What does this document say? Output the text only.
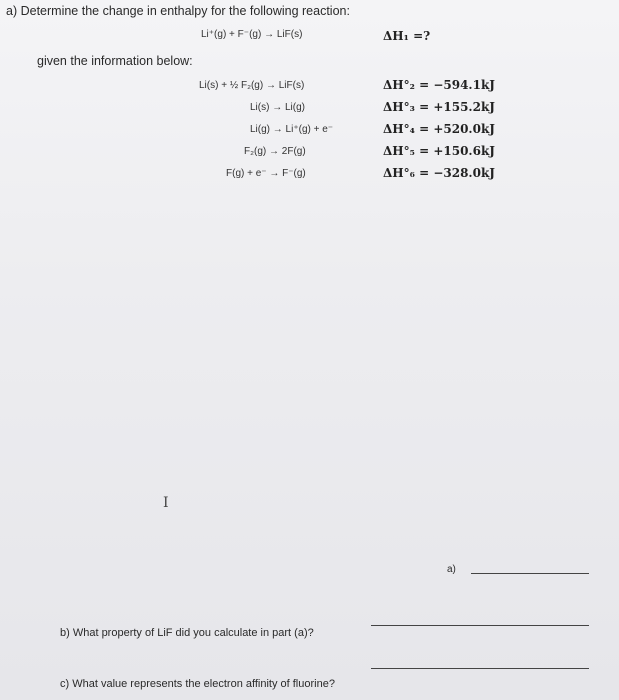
a) Determine the change in enthalpy for the following reaction:
Li⁺(g) + F⁻(g) → LiF(s)	ΔH₁ =?
given the information below:
Li(s) + ½ F₂(g) → LiF(s)	ΔH°₂ = −594.1kJ
Li(s) → Li(g)	ΔH°₃ = +155.2kJ
Li(g) → Li⁺(g) + e⁻	ΔH°₄ = +520.0kJ
F₂(g) → 2F(g)	ΔH°₅ = +150.6kJ
F(g) + e⁻ → F⁻(g)	ΔH°₆ = −328.0kJ
I
a)
b) What property of LiF did you calculate in part (a)?
c) What value represents the electron affinity of fluorine?
